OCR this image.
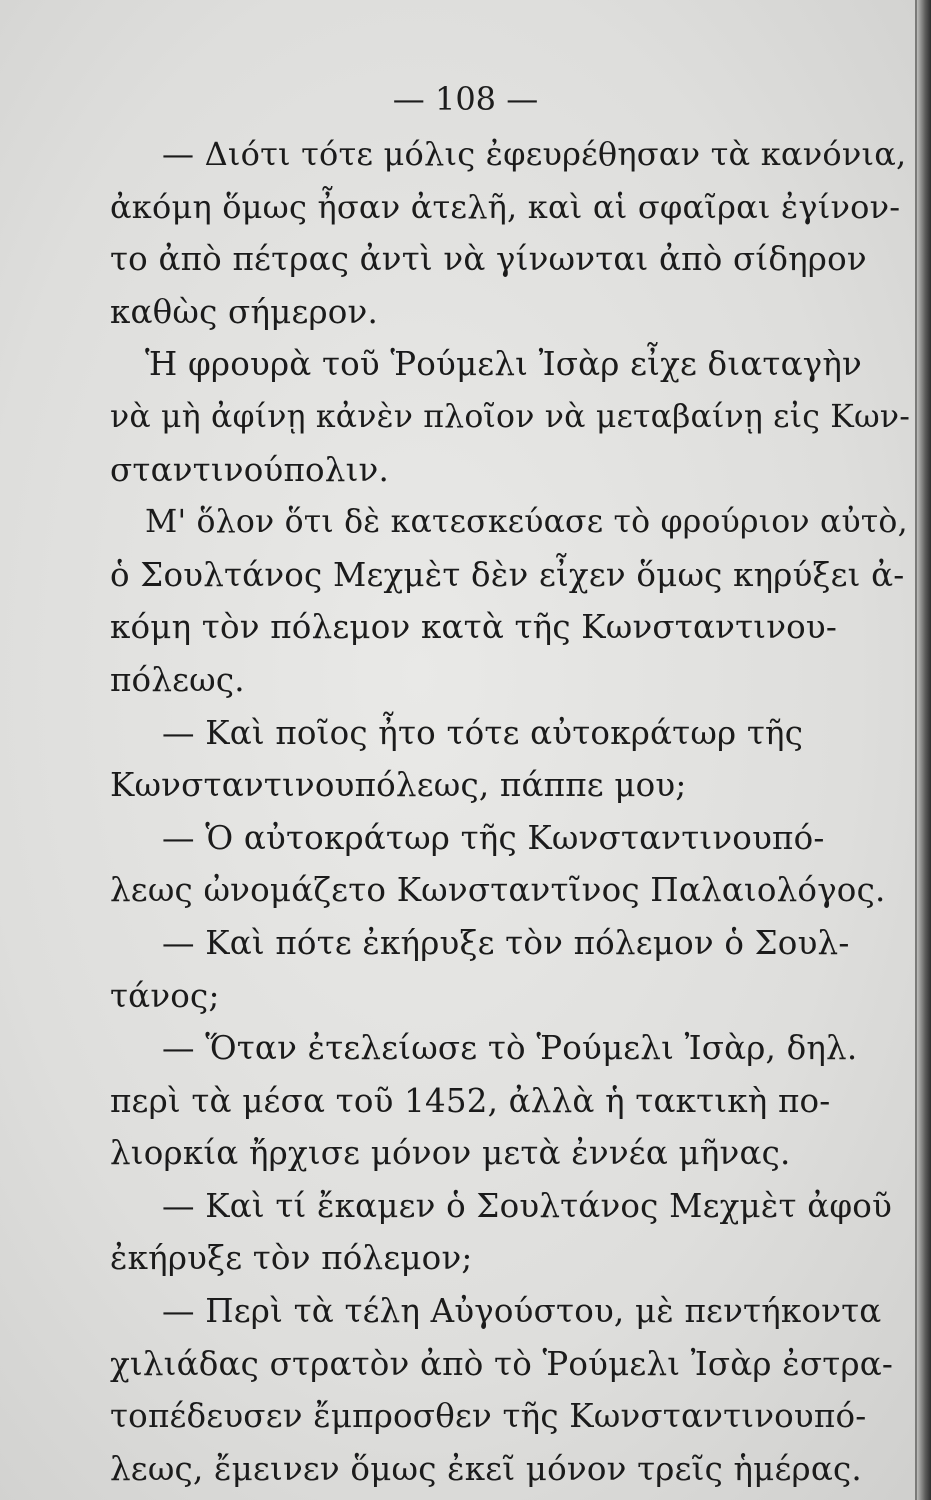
— 108 —
— Διότι τότε μόλις ἐφευρέθησαν τὰ κανόνια,
ἀκόμη ὅμως ἦσαν ἀτελῆ, καὶ αἱ σφαῖραι ἐγίνον-
το ἀπὸ πέτρας ἀντὶ νὰ γίνωνται ἀπὸ σίδηρον
καθὼς σήμερον.
Ἡ φρουρὰ τοῦ Ῥούμελι Ἰσὰρ εἶχε διαταγὴν
νὰ μὴ ἀφίνῃ κἀνὲν πλοῖον νὰ μεταβαίνῃ εἰς Κων-
σταντινούπολιν.
Μ' ὅλον ὅτι δὲ κατεσκεύασε τὸ φρούριον αὐτὸ,
ὁ Σουλτάνος Μεχμὲτ δὲν εἶχεν ὅμως κηρύξει ἀ-
κόμη τὸν πόλεμον κατὰ τῆς Κωνσταντινου-
πόλεως.
— Καὶ ποῖος ἦτο τότε αὐτοκράτωρ τῆς
Κωνσταντινουπόλεως, πάππε μου;
— Ὁ αὐτοκράτωρ τῆς Κωνσταντινουπό-
λεως ὠνομάζετο Κωνσταντῖνος Παλαιολόγος.
— Καὶ πότε ἐκήρυξε τὸν πόλεμον ὁ Σουλ-
τάνος;
— Ὅταν ἐτελείωσε τὸ Ῥούμελι Ἰσὰρ, δηλ.
περὶ τὰ μέσα τοῦ 1452, ἀλλὰ ἡ τακτικὴ πο-
λιορκία ἤρχισε μόνον μετὰ ἐννέα μῆνας.
— Καὶ τί ἔκαμεν ὁ Σουλτάνος Μεχμὲτ ἀφοῦ
ἐκήρυξε τὸν πόλεμον;
— Περὶ τὰ τέλη Αὐγούστου, μὲ πεντήκοντα
χιλιάδας στρατὸν ἀπὸ τὸ Ῥούμελι Ἰσὰρ ἐστρα-
τοπέδευσεν ἔμπροσθεν τῆς Κωνσταντινουπό-
λεως, ἔμεινεν ὅμως ἐκεῖ μόνον τρεῖς ἡμέρας.
